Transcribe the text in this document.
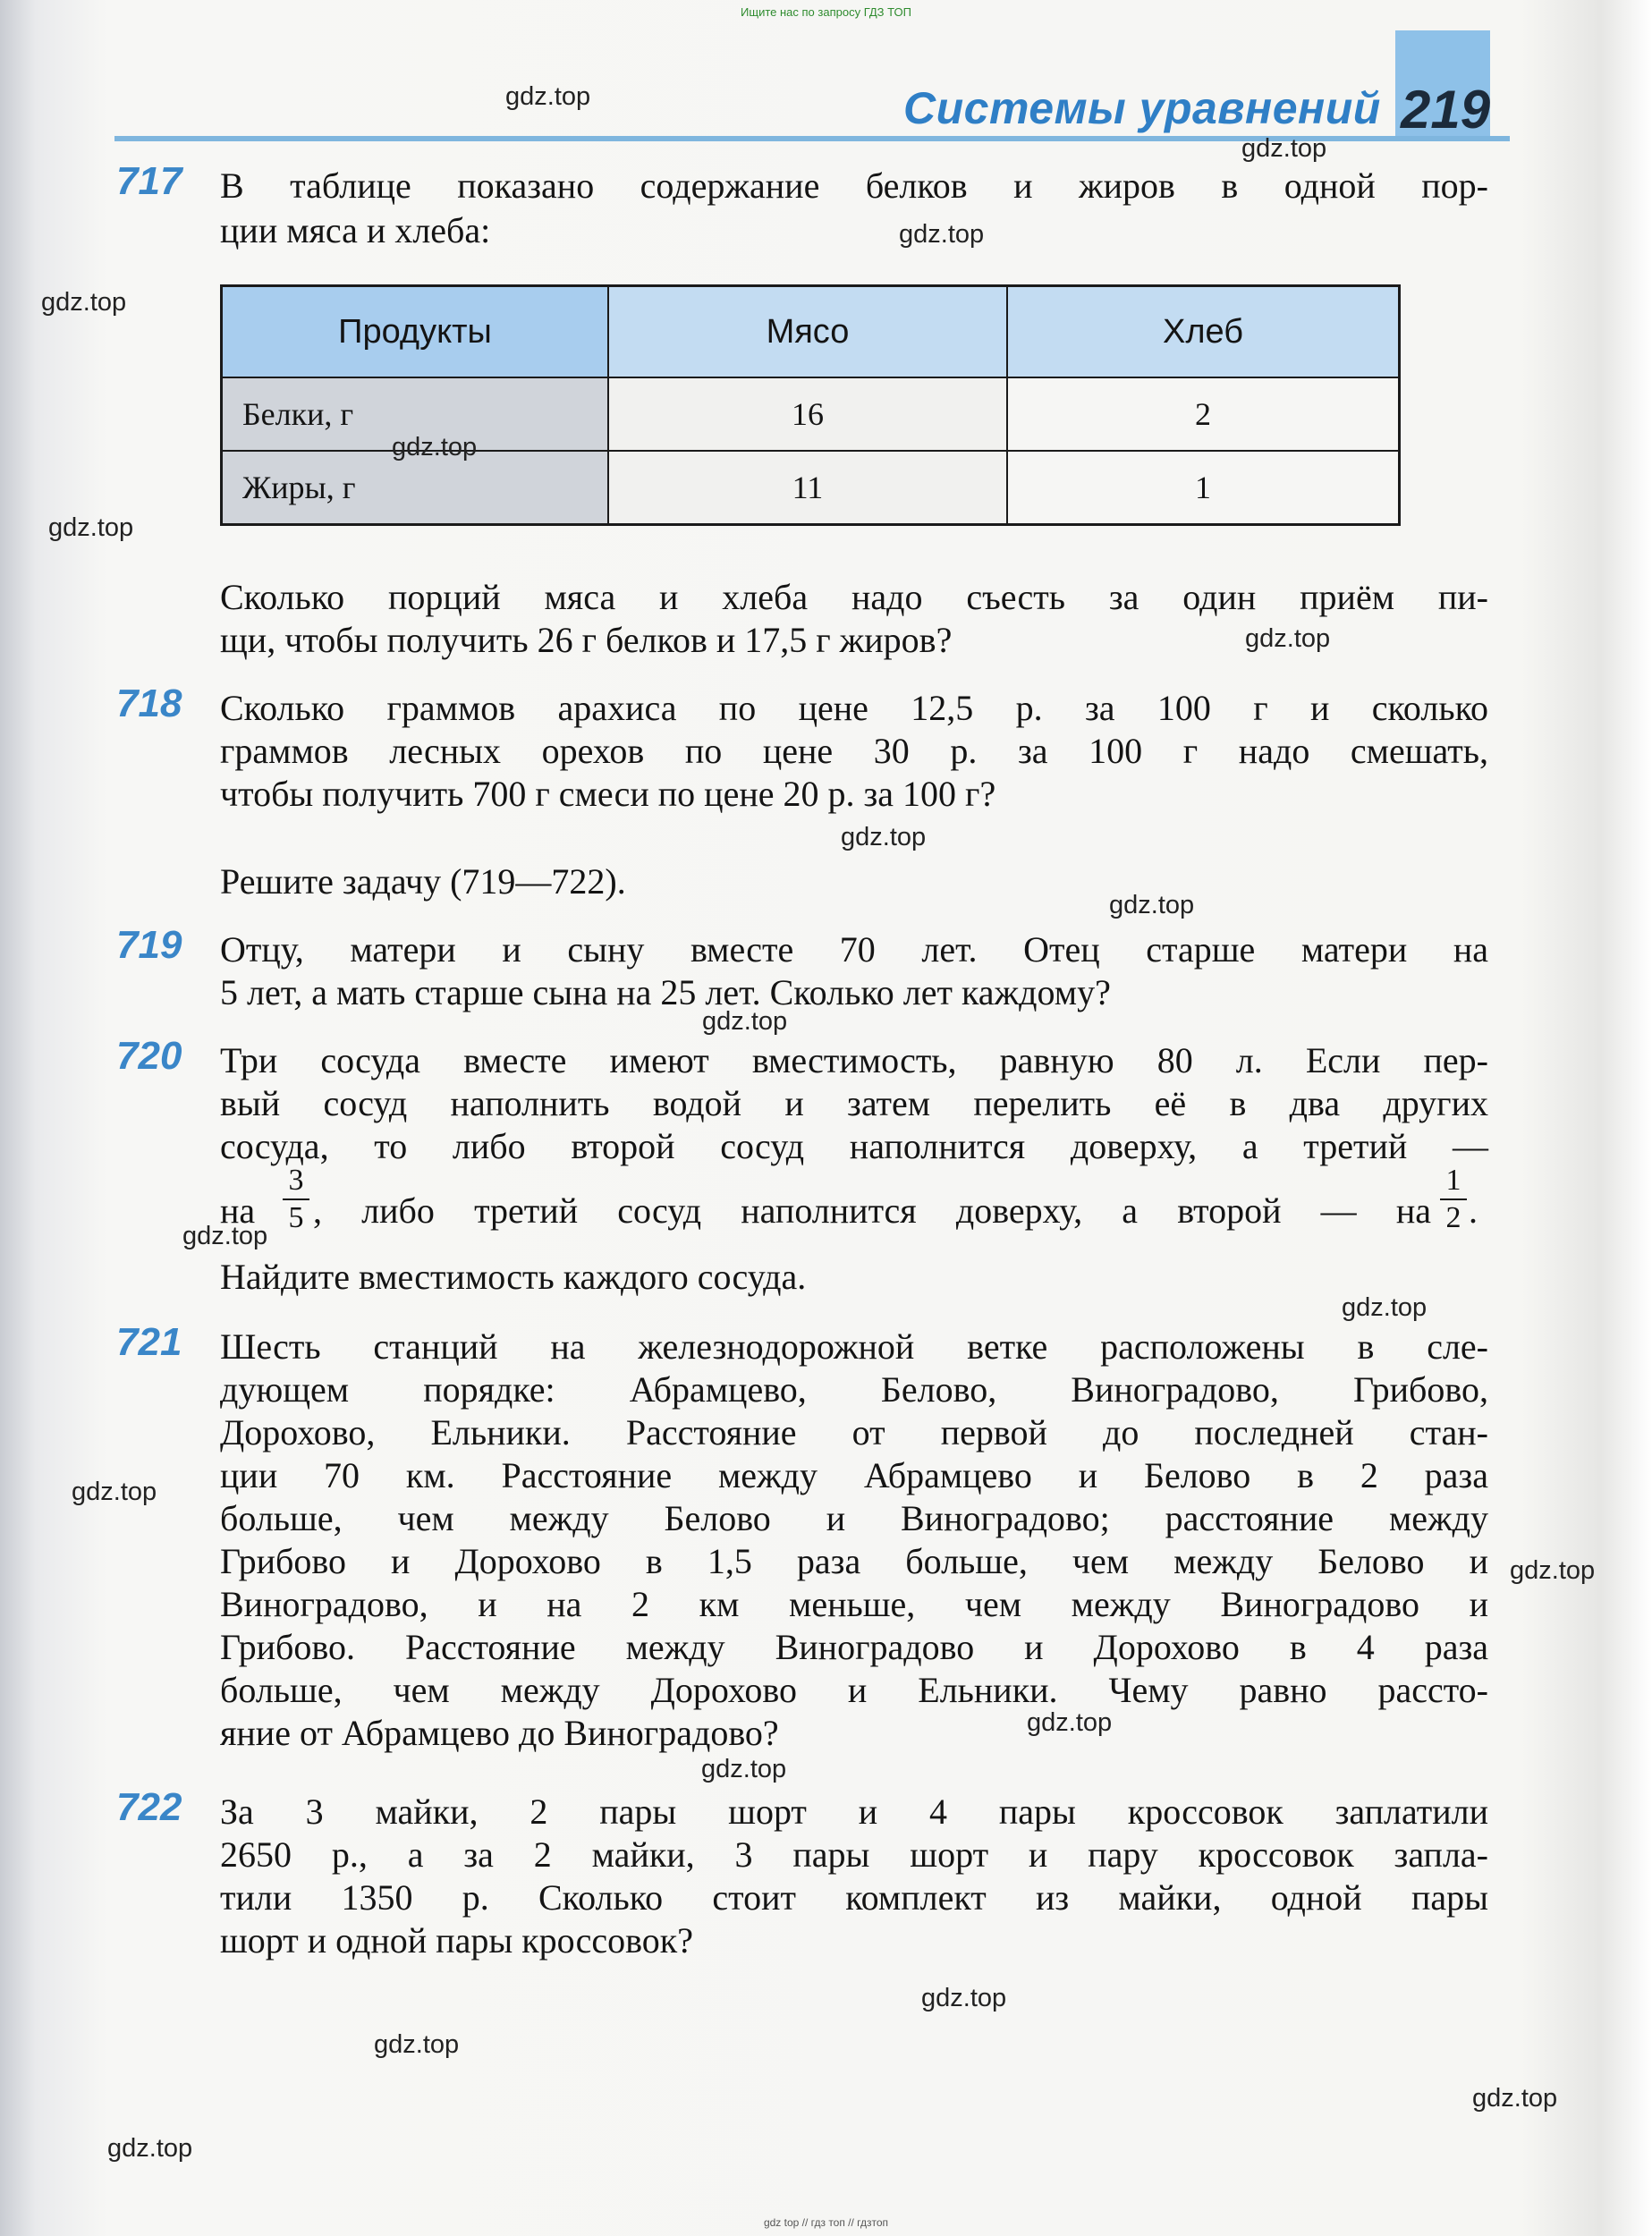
Ищите нас по запросу ГДЗ ТОП
Системы уравнений 219
717 В таблице показано содержание белков и жиров в одной пор-
ции мяса и хлеба:
Продукты	Мясо	Хлеб
Белки, г	16	2
Жиры, г	11	1
Сколько порций мяса и хлеба надо съесть за один приём пи-
щи, чтобы получить 26 г белков и 17,5 г жиров?
718 Сколько граммов арахиса по цене 12,5 р. за 100 г и сколько
граммов лесных орехов по цене 30 р. за 100 г надо смешать,
чтобы получить 700 г смеси по цене 20 р. за 100 г?
Решите задачу (719—722).
719 Отцу, матери и сыну вместе 70 лет. Отец старше матери на
5 лет, а мать старше сына на 25 лет. Сколько лет каждому?
720 Три сосуда вместе имеют вместимость, равную 80 л. Если пер-
вый сосуд наполнить водой и затем перелить её в два других
сосуда, то либо второй сосуд наполнится доверху, а третий —
на
3
5 , либо третий сосуд наполнится доверху, а второй — на
1
2 .
Найдите вместимость каждого сосуда.
721 Шесть станций на железнодорожной ветке расположены в сле-
дующем порядке: Абрамцево, Белово, Виноградово, Грибово,
Дорохово, Ельники. Расстояние от первой до последней стан-
ции 70 км. Расстояние между Абрамцево и Белово в 2 раза
больше, чем между Белово и Виноградово; расстояние между
Грибово и Дорохово в 1,5 раза больше, чем между Белово и
Виноградово, и на 2 км меньше, чем между Виноградово и
Грибово. Расстояние между Виноградово и Дорохово в 4 раза
больше, чем между Дорохово и Ельники. Чему равно рассто-
яние от Абрамцево до Виноградово?
722 За 3 майки, 2 пары шорт и 4 пары кроссовок заплатили
2650 р., а за 2 майки, 3 пары шорт и пару кроссовок запла-
тили 1350 р. Сколько стоит комплект из майки, одной пары
шорт и одной пары кроссовок?
gdz.top
gdz.top
gdz.top
gdz.top
gdz.top
gdz.top
gdz.top
gdz.top
gdz.top
gdz.top
gdz.top
gdz.top
gdz.top
gdz.top
gdz.top
gdz.top
gdz.top
gdz.top
gdz.top
gdz.top
gdz top // гдз топ // гдзтоп
